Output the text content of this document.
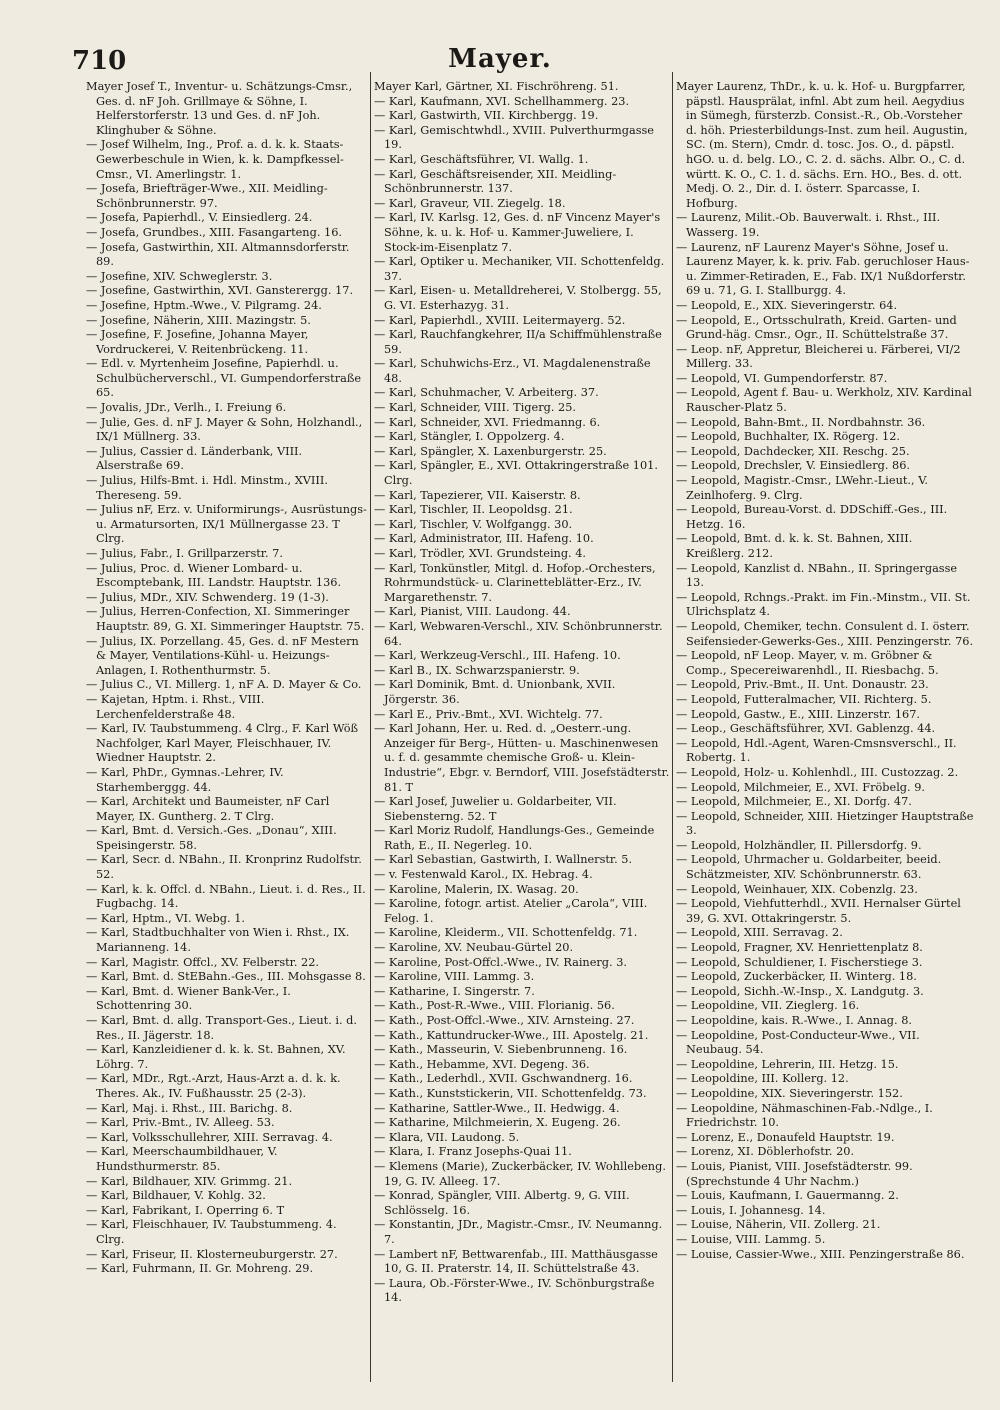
710	Mayer.

Mayer Josef T., Inventur- u. Schätzungs-Cmsr., Ges. d. nF Joh. Grillmaye & Söhne, I. Helferstorferstr. 13 und Ges. d. nF Joh. Klinghuber & Söhne.

— Josef Wilhelm, Ing., Prof. a. d. k. k. Staats-Gewerbeschule in Wien, k. k. Dampfkessel-Cmsr., VI. Amerlingstr. 1.

— Josefa, Briefträger-Wwe., XII. Meidling-Schönbrunnerstr. 97.

— Josefa, Papierhdl., V. Einsiedlerg. 24.

— Josefa, Grundbes., XIII. Fasangarteng. 16.

— Josefa, Gastwirthin, XII. Altmannsdorferstr. 89.

— Josefine, XIV. Schweglerstr. 3.

— Josefine, Gastwirthin, XVI. Gansterergg. 17.

— Josefine, Hptm.-Wwe., V. Pilgramg. 24.

— Josefine, Näherin, XIII. Mazingstr. 5.

— Josefine, F. Josefine, Johanna Mayer, Vordruckerei, V. Reitenbrückeng. 11.

— Edl. v. Myrtenheim Josefine, Papierhdl. u. Schulbücherverschl., VI. Gumpendorferstraße 65.

— Jovalis, JDr., Verlh., I. Freiung 6.

— Julie, Ges. d. nF J. Mayer & Sohn, Holzhandl., IX/1 Müllnerg. 33.

— Julius, Cassier d. Länderbank, VIII. Alserstraße 69.

— Julius, Hilfs-Bmt. i. Hdl. Minstm., XVIII. Thereseng. 59.

— Julius nF, Erz. v. Uniformirungs-, Ausrüstungs- u. Armatursorten, IX/1 Müllnergasse 23. T Clrg.

— Julius, Fabr., I. Grillparzerstr. 7.

— Julius, Proc. d. Wiener Lombard- u. Escomptebank, III. Landstr. Hauptstr. 136.

— Julius, MDr., XIV. Schwenderg. 19 (1-3).

— Julius, Herren-Confection, XI. Simmeringer Hauptstr. 89, G. XI. Simmeringer Hauptstr. 75.

— Julius, IX. Porzellang. 45, Ges. d. nF Mestern & Mayer, Ventilations-Kühl- u. Heizungs-Anlagen, I. Rothenthurmstr. 5.

— Julius C., VI. Millerg. 1, nF A. D. Mayer & Co.

— Kajetan, Hptm. i. Rhst., VIII. Lerchenfelderstraße 48.

— Karl, IV. Taubstummeng. 4 Clrg., F. Karl Wöß Nachfolger, Karl Mayer, Fleischhauer, IV. Wiedner Hauptstr. 2.

— Karl, PhDr., Gymnas.-Lehrer, IV. Starhemberggg. 44.

— Karl, Architekt und Baumeister, nF Carl Mayer, IX. Guntherg. 2. T Clrg.

— Karl, Bmt. d. Versich.-Ges. „Donau“, XIII. Speisingerstr. 58.

— Karl, Secr. d. NBahn., II. Kronprinz Rudolfstr. 52.

— Karl, k. k. Offcl. d. NBahn., Lieut. i. d. Res., II. Fugbachg. 14.

— Karl, Hptm., VI. Webg. 1.

— Karl, Stadtbuchhalter von Wien i. Rhst., IX. Marianneng. 14.

— Karl, Magistr. Offcl., XV. Felberstr. 22.

— Karl, Bmt. d. StEBahn.-Ges., III. Mohsgasse 8.

— Karl, Bmt. d. Wiener Bank-Ver., I. Schottenring 30.

— Karl, Bmt. d. allg. Transport-Ges., Lieut. i. d. Res., II. Jägerstr. 18.

— Karl, Kanzleidiener d. k. k. St. Bahnen, XV. Löhrg. 7.

— Karl, MDr., Rgt.-Arzt, Haus-Arzt a. d. k. k. Theres. Ak., IV. Fußhausstr. 25 (2-3).

— Karl, Maj. i. Rhst., III. Barichg. 8.

— Karl, Priv.-Bmt., IV. Alleeg. 53.

— Karl, Volksschullehrer, XIII. Serravag. 4.

— Karl, Meerschaumbildhauer, V. Hundsthurmerstr. 85.

— Karl, Bildhauer, XIV. Grimmg. 21.

— Karl, Bildhauer, V. Kohlg. 32.

— Karl, Fabrikant, I. Operring 6. T

— Karl, Fleischhauer, IV. Taubstummeng. 4. Clrg.

— Karl, Friseur, II. Klosterneuburgerstr. 27.

— Karl, Fuhrmann, II. Gr. Mohreng. 29.

Mayer Karl, Gärtner, XI. Fischröhreng. 51.

— Karl, Kaufmann, XVI. Schellhammerg. 23.

— Karl, Gastwirth, VII. Kirchbergg. 19.

— Karl, Gemischtwhdl., XVIII. Pulverthurmgasse 19.

— Karl, Geschäftsführer, VI. Wallg. 1.

— Karl, Geschäftsreisender, XII. Meidling-Schönbrunnerstr. 137.

— Karl, Graveur, VII. Ziegelg. 18.

— Karl, IV. Karlsg. 12, Ges. d. nF Vincenz Mayer's Söhne, k. u. k. Hof- u. Kammer-Juweliere, I. Stock-im-Eisenplatz 7.

— Karl, Optiker u. Mechaniker, VII. Schottenfeldg. 37.

— Karl, Eisen- u. Metalldreherei, V. Stolbergg. 55, G. VI. Esterhazyg. 31.

— Karl, Papierhdl., XVIII. Leitermayerg. 52.

— Karl, Rauchfangkehrer, II/a Schiffmühlenstraße 59.

— Karl, Schuhwichs-Erz., VI. Magdalenenstraße 48.

— Karl, Schuhmacher, V. Arbeiterg. 37.

— Karl, Schneider, VIII. Tigerg. 25.

— Karl, Schneider, XVI. Friedmanng. 6.

— Karl, Stängler, I. Oppolzerg. 4.

— Karl, Spängler, X. Laxenburgerstr. 25.

— Karl, Spängler, E., XVI. Ottakringerstraße 101. Clrg.

— Karl, Tapezierer, VII. Kaiserstr. 8.

— Karl, Tischler, II. Leopoldsg. 21.

— Karl, Tischler, V. Wolfgangg. 30.

— Karl, Administrator, III. Hafeng. 10.

— Karl, Trödler, XVI. Grundsteing. 4.

— Karl, Tonkünstler, Mitgl. d. Hofop.-Orchesters, Rohrmundstück- u. Clarinetteblätter-Erz., IV. Margarethenstr. 7.

— Karl, Pianist, VIII. Laudong. 44.

— Karl, Webwaren-Verschl., XIV. Schönbrunnerstr. 64.

— Karl, Werkzeug-Verschl., III. Hafeng. 10.

— Karl B., IX. Schwarzspanierstr. 9.

— Karl Dominik, Bmt. d. Unionbank, XVII. Jörgerstr. 36.

— Karl E., Priv.-Bmt., XVI. Wichtelg. 77.

— Karl Johann, Her. u. Red. d. „Oesterr.-ung. Anzeiger für Berg-, Hütten- u. Maschinenwesen u. f. d. gesammte chemische Groß- u. Klein-Industrie“, Ebgr. v. Berndorf, VIII. Josefstädterstr. 81. T

— Karl Josef, Juwelier u. Goldarbeiter, VII. Siebensterng. 52. T

— Karl Moriz Rudolf, Handlungs-Ges., Gemeinde Rath, E., II. Negerleg. 10.

— Karl Sebastian, Gastwirth, I. Wallnerstr. 5.

— v. Festenwald Karol., IX. Hebrag. 4.

— Karoline, Malerin, IX. Wasag. 20.

— Karoline, fotogr. artist. Atelier „Carola“, VIII. Felog. 1.

— Karoline, Kleiderm., VII. Schottenfeldg. 71.

— Karoline, XV. Neubau-Gürtel 20.

— Karoline, Post-Offcl.-Wwe., IV. Rainerg. 3.

— Karoline, VIII. Lammg. 3.

— Katharine, I. Singerstr. 7.

— Kath., Post-R.-Wwe., VIII. Florianig. 56.

— Kath., Post-Offcl.-Wwe., XIV. Arnsteing. 27.

— Kath., Kattundrucker-Wwe., III. Apostelg. 21.

— Kath., Masseurin, V. Siebenbrunneng. 16.

— Kath., Hebamme, XVI. Degeng. 36.

— Kath., Lederhdl., XVII. Gschwandnerg. 16.

— Kath., Kunststickerin, VII. Schottenfeldg. 73.

— Katharine, Sattler-Wwe., II. Hedwigg. 4.

— Katharine, Milchmeierin, X. Eugeng. 26.

— Klara, VII. Laudong. 5.

— Klara, I. Franz Josephs-Quai 11.

— Klemens (Marie), Zuckerbäcker, IV. Wohllebeng. 19, G. IV. Alleeg. 17.

— Konrad, Spängler, VIII. Albertg. 9, G. VIII. Schlösselg. 16.

— Konstantin, JDr., Magistr.-Cmsr., IV. Neumanng. 7.

— Lambert nF, Bettwarenfab., III. Matthäusgasse 10, G. II. Praterstr. 14, II. Schüttelstraße 43.

— Laura, Ob.-Förster-Wwe., IV. Schönburgstraße 14.

Mayer Laurenz, ThDr., k. u. k. Hof- u. Burgpfarrer, päpstl. Hausprälat, infnl. Abt zum heil. Aegydius in Sümegh, fürsterzb. Consist.-R., Ob.-Vorsteher d. höh. Priesterbildungs-Inst. zum heil. Augustin, SC. (m. Stern), Cmdr. d. tosc. Jos. O., d. päpstl. hGO. u. d. belg. LO., C. 2. d. sächs. Albr. O., C. d. württ. K. O., C. 1. d. sächs. Ern. HO., Bes. d. ott. Medj. O. 2., Dir. d. I. österr. Sparcasse, I. Hofburg.

— Laurenz, Milit.-Ob. Bauverwalt. i. Rhst., III. Wasserg. 19.

— Laurenz, nF Laurenz Mayer's Söhne, Josef u. Laurenz Mayer, k. k. priv. Fab. geruchloser Haus- u. Zimmer-Retiraden, E., Fab. IX/1 Nußdorferstr. 69 u. 71, G. I. Stallburgg. 4.

— Leopold, E., XIX. Sieveringerstr. 64.

— Leopold, E., Ortsschulrath, Kreid. Garten- und Grund-häg. Cmsr., Ogr., II. Schüttelstraße 37.

— Leop. nF, Appretur, Bleicherei u. Färberei, VI/2 Millerg. 33.

— Leopold, VI. Gumpendorferstr. 87.

— Leopold, Agent f. Bau- u. Werkholz, XIV. Kardinal Rauscher-Platz 5.

— Leopold, Bahn-Bmt., II. Nordbahnstr. 36.

— Leopold, Buchhalter, IX. Rögerg. 12.

— Leopold, Dachdecker, XII. Reschg. 25.

— Leopold, Drechsler, V. Einsiedlerg. 86.

— Leopold, Magistr.-Cmsr., LWehr.-Lieut., V. Zeinlhoferg. 9. Clrg.

— Leopold, Bureau-Vorst. d. DDSchiff.-Ges., III. Hetzg. 16.

— Leopold, Bmt. d. k. k. St. Bahnen, XIII. Kreißlerg. 212.

— Leopold, Kanzlist d. NBahn., II. Springergasse 13.

— Leopold, Rchngs.-Prakt. im Fin.-Minstm., VII. St. Ulrichsplatz 4.

— Leopold, Chemiker, techn. Consulent d. I. österr. Seifensieder-Gewerks-Ges., XIII. Penzingerstr. 76.

— Leopold, nF Leop. Mayer, v. m. Gröbner & Comp., Specereiwarenhdl., II. Riesbachg. 5.

— Leopold, Priv.-Bmt., II. Unt. Donaustr. 23.

— Leopold, Futteralmacher, VII. Richterg. 5.

— Leopold, Gastw., E., XIII. Linzerstr. 167.

— Leop., Geschäftsführer, XVI. Gablenzg. 44.

— Leopold, Hdl.-Agent, Waren-Cmsnsverschl., II. Robertg. 1.

— Leopold, Holz- u. Kohlenhdl., III. Custozzag. 2.

— Leopold, Milchmeier, E., XVI. Fröbelg. 9.

— Leopold, Milchmeier, E., XI. Dorfg. 47.

— Leopold, Schneider, XIII. Hietzinger Hauptstraße 3.

— Leopold, Holzhändler, II. Pillersdorfg. 9.

— Leopold, Uhrmacher u. Goldarbeiter, beeid. Schätzmeister, XIV. Schönbrunnerstr. 63.

— Leopold, Weinhauer, XIX. Cobenzlg. 23.

— Leopold, Viehfutterhdl., XVII. Hernalser Gürtel 39, G. XVI. Ottakringerstr. 5.

— Leopold, XIII. Serravag. 2.

— Leopold, Fragner, XV. Henriettenplatz 8.

— Leopold, Schuldiener, I. Fischerstiege 3.

— Leopold, Zuckerbäcker, II. Winterg. 18.

— Leopold, Sichh.-W.-Insp., X. Landgutg. 3.

— Leopoldine, VII. Zieglerg. 16.

— Leopoldine, kais. R.-Wwe., I. Annag. 8.

— Leopoldine, Post-Conducteur-Wwe., VII. Neubaug. 54.

— Leopoldine, Lehrerin, III. Hetzg. 15.

— Leopoldine, III. Kollerg. 12.

— Leopoldine, XIX. Sieveringerstr. 152.

— Leopoldine, Nähmaschinen-Fab.-Ndlge., I. Friedrichstr. 10.

— Lorenz, E., Donaufeld Hauptstr. 19.

— Lorenz, XI. Döblerhofstr. 20.

— Louis, Pianist, VIII. Josefstädterstr. 99. (Sprechstunde 4 Uhr Nachm.)

— Louis, Kaufmann, I. Gauermanng. 2.

— Louis, I. Johannesg. 14.

— Louise, Näherin, VII. Zollerg. 21.

— Louise, VIII. Lammg. 5.

— Louise, Cassier-Wwe., XIII. Penzingerstraße 86.
